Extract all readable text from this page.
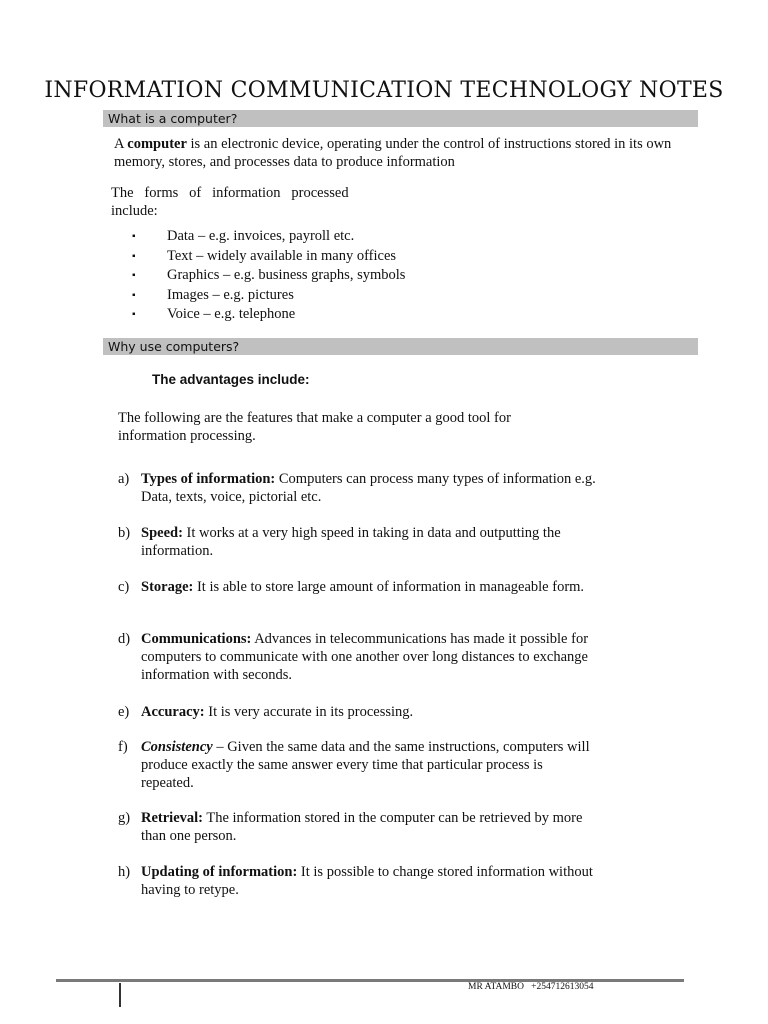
INFORMATION COMMUNICATION TECHNOLOGY NOTES
What is a computer?
A computer is an electronic device, operating under the control of instructions stored in its own memory, stores, and processes data to produce information
The   forms   of   information   processed
include:
▪ Data – e.g. invoices, payroll etc.
▪ Text – widely available in many offices
▪ Graphics – e.g. business graphs, symbols
▪ Images – e.g. pictures
▪ Voice – e.g. telephone
Why use computers?
The advantages include:
The following are the features that make a computer a good tool for information processing.
a) Types of information: Computers can process many types of information e.g. Data, texts, voice, pictorial etc.
b) Speed: It works at a very high speed in taking in data and outputting the information.
c) Storage: It is able to store large amount of information in manageable form.
d) Communications: Advances in telecommunications has made it possible for computers to communicate with one another over long distances to exchange information with seconds.
e) Accuracy: It is very accurate in its processing.
f) Consistency – Given the same data and the same instructions, computers will produce exactly the same answer every time that particular process is repeated.
g) Retrieval: The information stored in the computer can be retrieved by more than one person.
h) Updating of information: It is possible to change stored information without having to retype.
MR ATAMBO   +254712613054
